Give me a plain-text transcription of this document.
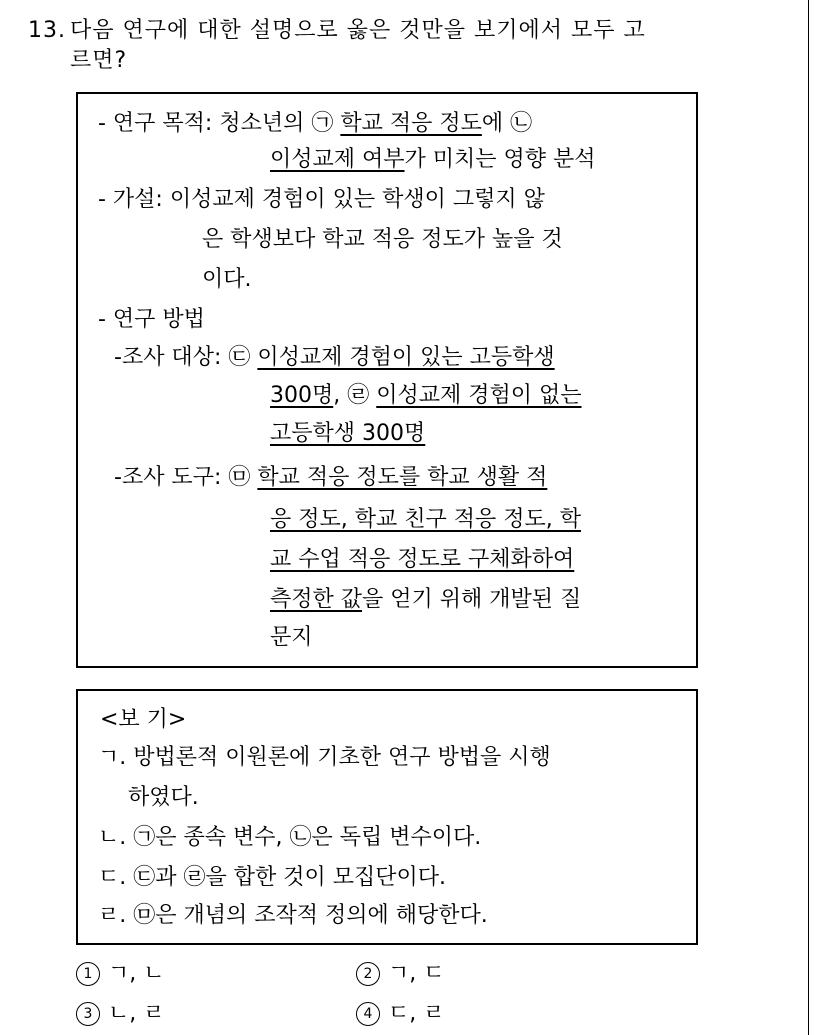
13. 다음 연구에 대한 설명으로 옳은 것만을 보기에서 모두 고
르면?
- 연구 목적: 청소년의 ㉠ 학교 적응 정도에 ㉡
이성교제 여부가 미치는 영향 분석
- 가설: 이성교제 경험이 있는 학생이 그렇지 않
은 학생보다 학교 적응 정도가 높을 것
이다.
- 연구 방법
-조사 대상: ㉢ 이성교제 경험이 있는 고등학생
300명, ㉣ 이성교제 경험이 없는
고등학생 300명
-조사 도구: ㉤ 학교 적응 정도를 학교 생활 적
응 정도, 학교 친구 적응 정도, 학
교 수업 적응 정도로 구체화하여
측정한 값을 얻기 위해 개발된 질
문지
<보 기>
ㄱ. 방법론적 이원론에 기초한 연구 방법을 시행
하였다.
ㄴ. ㉠은 종속 변수, ㉡은 독립 변수이다.
ㄷ. ㉢과 ㉣을 합한 것이 모집단이다.
ㄹ. ㉤은 개념의 조작적 정의에 해당한다.
1 ㄱ, ㄴ	2 ㄱ, ㄷ
3 ㄴ, ㄹ	4 ㄷ, ㄹ
